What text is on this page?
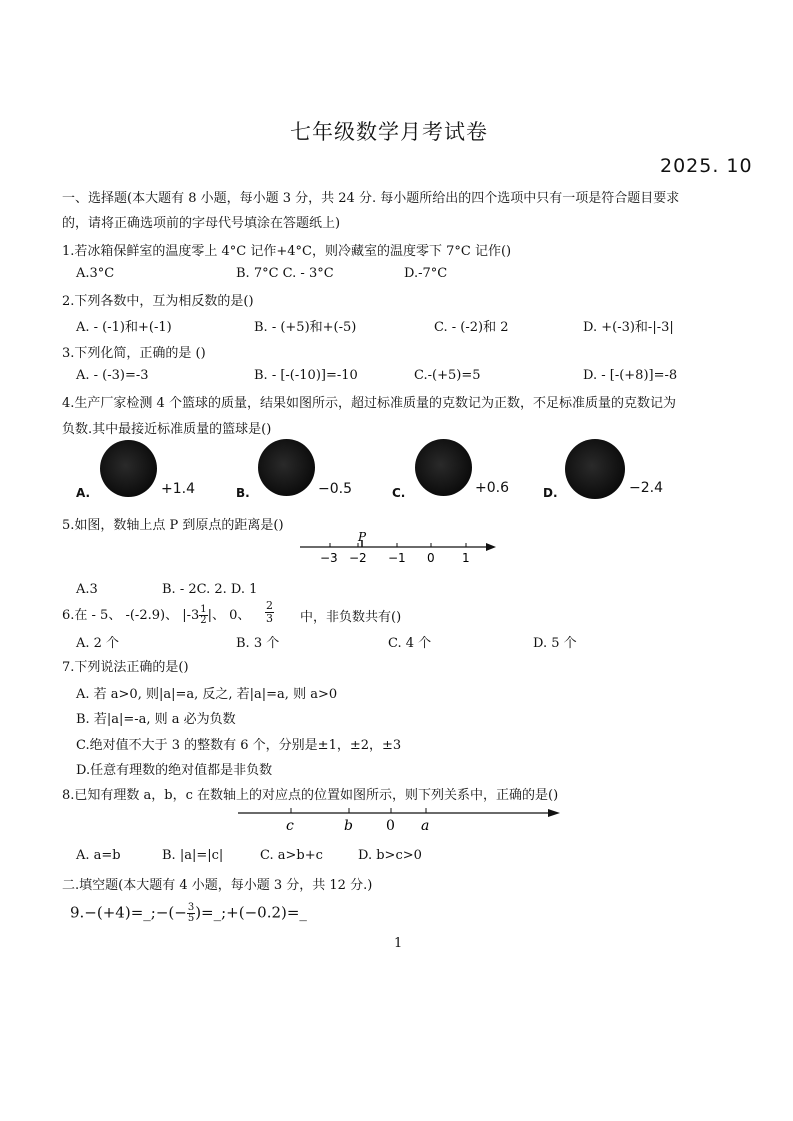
七年级数学月考试卷
2025. 10
一、选择题(本大题有 8 小题，每小题 3 分，共 24 分. 每小题所给出的四个选项中只有一项是符合题目要求
的，请将正确选项前的字母代号填涂在答题纸上)
1.若冰箱保鲜室的温度零上 4°C 记作+4°C，则冷藏室的温度零下 7°C 记作()
A.3°C	B. 7°C C. - 3°C	D.-7°C
2.下列各数中，互为相反数的是()
A. - (-1)和+(-1)	B. - (+5)和+(-5)	C. - (-2)和 2	D. +(-3)和-|-3|
3.下列化简，正确的是 ()
A. - (-3)=-3	B. - [-(-10)]=-10	C.-(+5)=5	D. - [-(+8)]=-8
4.生产厂家检测 4 个篮球的质量，结果如图所示，超过标准质量的克数记为正数，不足标准质量的克数记为
负数.其中最接近标准质量的篮球是()
A.	+1.4	B.	−0.5	C.	+0.6	D.	−2.4
5.如图，数轴上点 P 到原点的距离是()
P
−3 −2 −1 0 1
A.3	B. - 2C. 2. D. 1
6.在 - 5、 -(-2.9)、 $|-3 \frac{1}{2}$ |、 0、 $\frac{2}{3}$ 中，非负数共有()
A. 2 个	B. 3 个	C. 4 个	D. 5 个
7.下列说法正确的是()
A. 若 a>0, 则|a|=a, 反之, 若|a|=a, 则 a>0
B. 若|a|=-a, 则 a 必为负数
C.绝对值不大于 3 的整数有 6 个，分别是±1，±2，±3
D.任意有理数的绝对值都是非负数
8.已知有理数 a，b，c 在数轴上的对应点的位置如图所示，则下列关系中，正确的是()
c	b 0 a
A. a=b	B. |a|=|c|	C. a>b+c	D. b>c>0
二.填空题(本大题有 4 小题，每小题 3 分，共 12 分.)
9.−(+4)=_;−(− $\frac{3}{5}$ )=_;+(−0.2)=_
1
